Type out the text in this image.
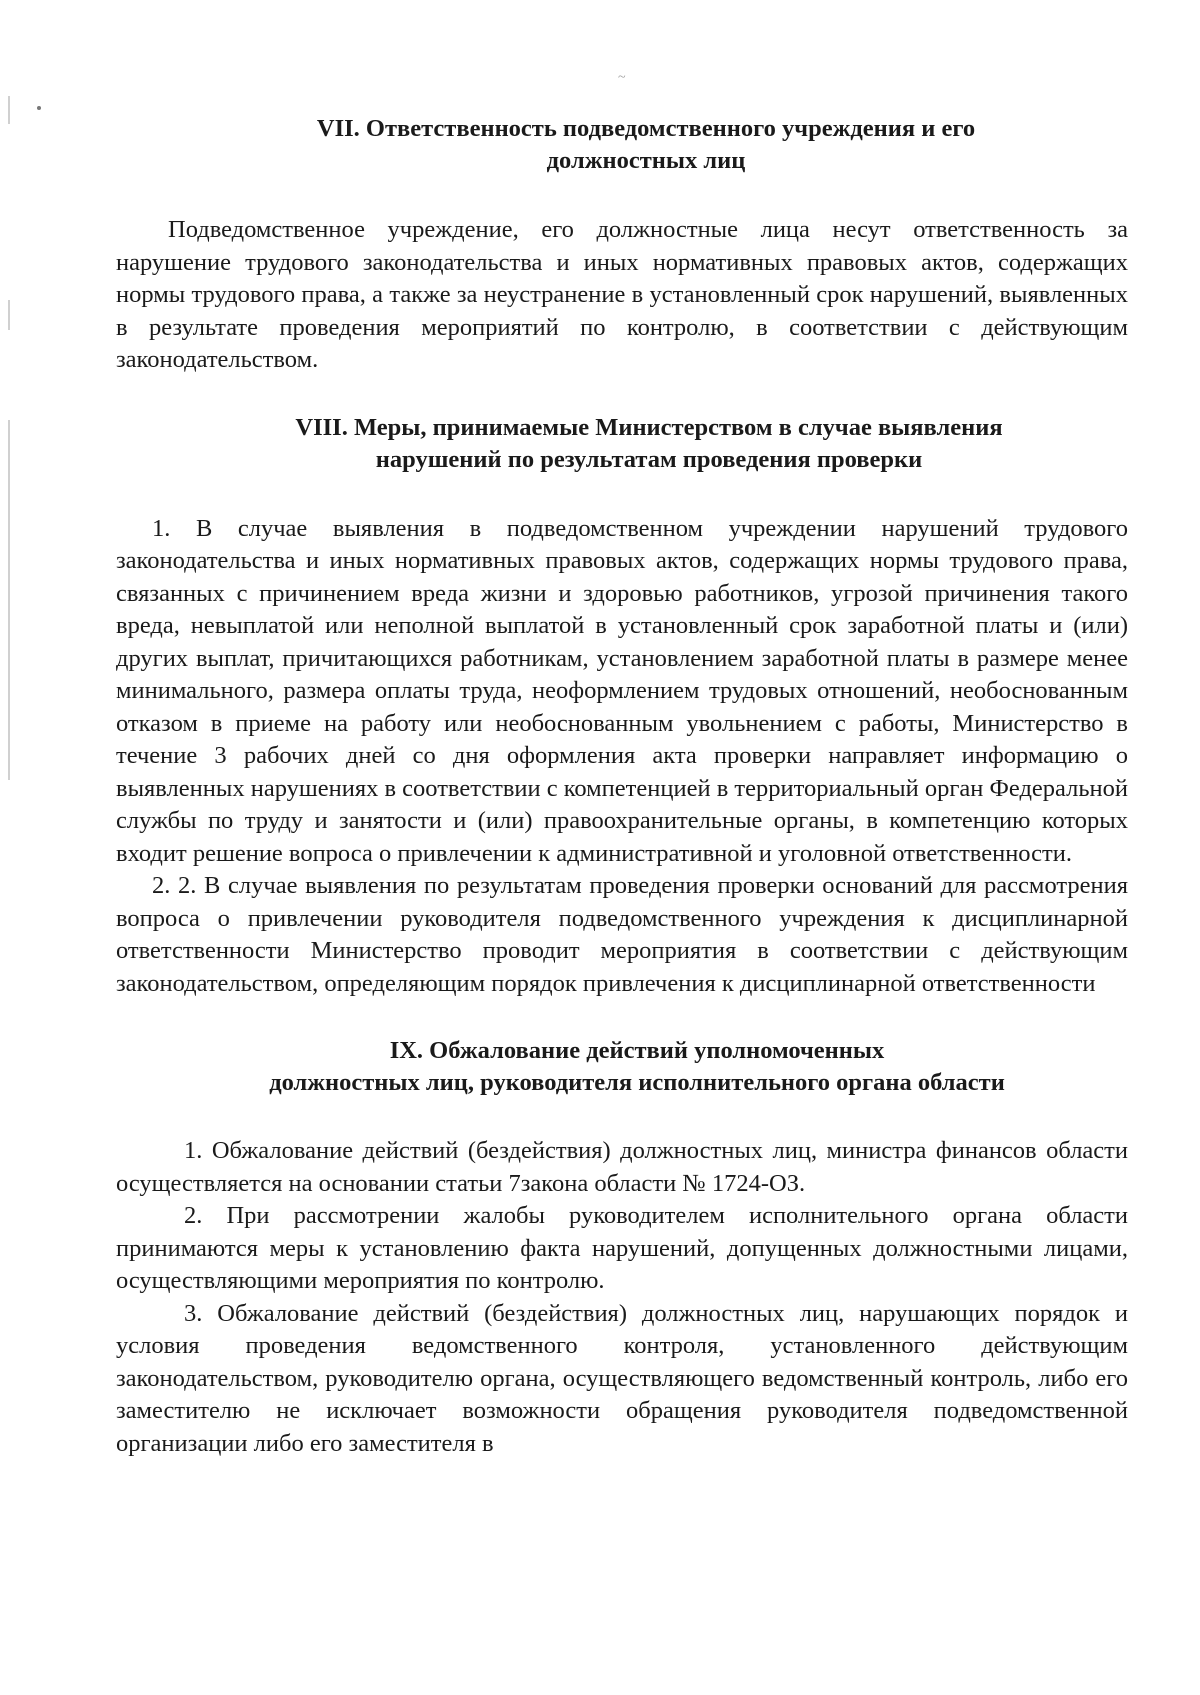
~
VII. Ответственность подведомственного учреждения и его
должностных лиц

Подведомственное учреждение, его должностные лица несут ответственность за нарушение трудового законодательства и иных нормативных правовых актов, содержащих нормы трудового права, а также за неустранение в установленный срок нарушений, выявленных в результате проведения мероприятий по контролю, в соответствии с действующим законодательством.

VIII. Меры, принимаемые Министерством в случае выявления
нарушений по результатам проведения проверки

1. В случае выявления в подведомственном учреждении нарушений трудового законодательства и иных нормативных правовых актов, содержащих нормы трудового права, связанных с причинением вреда жизни и здоровью работников, угрозой причинения такого вреда, невыплатой или неполной выплатой в установленный срок заработной платы и (или) других выплат, причитающихся работникам, установлением заработной платы в размере менее минимального, размера оплаты труда, неоформлением трудовых отношений, необоснованным отказом в приеме на работу или необоснованным увольнением с работы, Министерство в течение 3 рабочих дней со дня оформления акта проверки направляет информацию о выявленных нарушениях в соответствии с компетенцией в территориальный орган Федеральной службы по труду и занятости и (или) правоохранительные органы, в компетенцию которых входит решение вопроса о привлечении к административной и уголовной ответственности.

2. 2. В случае выявления по результатам проведения проверки оснований для рассмотрения вопроса о привлечении руководителя подведомственного учреждения к дисциплинарной ответственности Министерство проводит мероприятия в соответствии с действующим законодательством, определяющим порядок привлечения к дисциплинарной ответственности

IX. Обжалование действий уполномоченных
должностных лиц, руководителя исполнительного органа области

1. Обжалование действий (бездействия) должностных лиц, министра финансов области осуществляется на основании статьи 7закона области № 1724-ОЗ.

2. При рассмотрении жалобы руководителем исполнительного органа области принимаются меры к установлению факта нарушений, допущенных должностными лицами, осуществляющими мероприятия по контролю.

3. Обжалование действий (бездействия) должностных лиц, нарушающих порядок и условия проведения ведомственного контроля, установленного действующим законодательством, руководителю органа, осуществляющего ведомственный контроль, либо его заместителю не исключает возможности обращения руководителя подведомственной организации либо его заместителя в
